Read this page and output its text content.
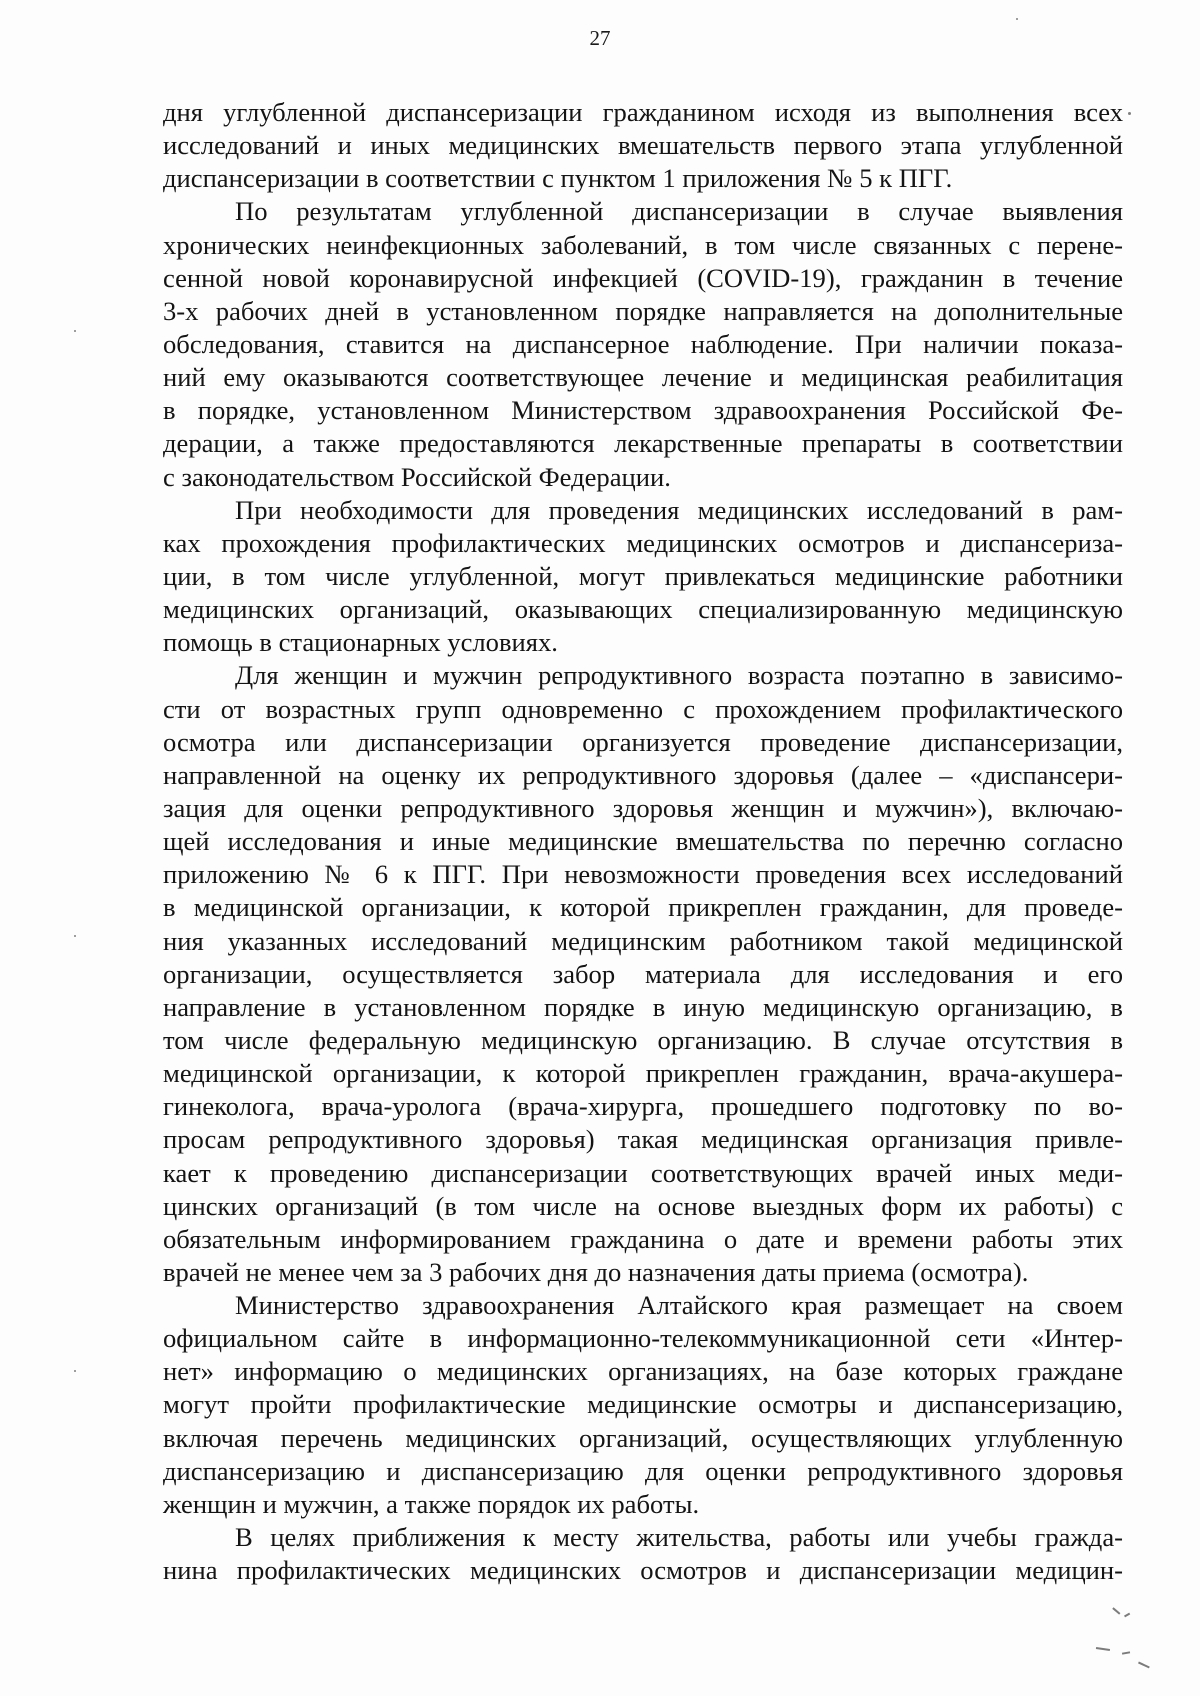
27

дня углубленной диспансеризации гражданином исходя из выполнения всех
исследований и иных медицинских вмешательств первого этапа углубленной
диспансеризации в соответствии с пунктом 1 приложения № 5 к ПГГ.
По результатам углубленной диспансеризации в случае выявления
хронических неинфекционных заболеваний, в том числе связанных с перене-
сенной новой коронавирусной инфекцией (COVID-19), гражданин в течение
3-х рабочих дней в установленном порядке направляется на дополнительные
обследования, ставится на диспансерное наблюдение. При наличии показа-
ний ему оказываются соответствующее лечение и медицинская реабилитация
в порядке, установленном Министерством здравоохранения Российской Фе-
дерации, а также предоставляются лекарственные препараты в соответствии
с законодательством Российской Федерации.
При необходимости для проведения медицинских исследований в рам-
ках прохождения профилактических медицинских осмотров и диспансериза-
ции, в том числе углубленной, могут привлекаться медицинские работники
медицинских организаций, оказывающих специализированную медицинскую
помощь в стационарных условиях.
Для женщин и мужчин репродуктивного возраста поэтапно в зависимо-
сти от возрастных групп одновременно с прохождением профилактического
осмотра или диспансеризации организуется проведение диспансеризации,
направленной на оценку их репродуктивного здоровья (далее – «диспансери-
зация для оценки репродуктивного здоровья женщин и мужчин»), включаю-
щей исследования и иные медицинские вмешательства по перечню согласно
приложению № 6 к ПГГ. При невозможности проведения всех исследований
в медицинской организации, к которой прикреплен гражданин, для проведе-
ния указанных исследований медицинским работником такой медицинской
организации, осуществляется забор материала для исследования и его
направление в установленном порядке в иную медицинскую организацию, в
том числе федеральную медицинскую организацию. В случае отсутствия в
медицинской организации, к которой прикреплен гражданин, врача-акушера-
гинеколога, врача-уролога (врача-хирурга, прошедшего подготовку по во-
просам репродуктивного здоровья) такая медицинская организация привле-
кает к проведению диспансеризации соответствующих врачей иных меди-
цинских организаций (в том числе на основе выездных форм их работы) с
обязательным информированием гражданина о дате и времени работы этих
врачей не менее чем за 3 рабочих дня до назначения даты приема (осмотра).
Министерство здравоохранения Алтайского края размещает на своем
официальном сайте в информационно-телекоммуникационной сети «Интер-
нет» информацию о медицинских организациях, на базе которых граждане
могут пройти профилактические медицинские осмотры и диспансеризацию,
включая перечень медицинских организаций, осуществляющих углубленную
диспансеризацию и диспансеризацию для оценки репродуктивного здоровья
женщин и мужчин, а также порядок их работы.
В целях приближения к месту жительства, работы или учебы гражда-
нина профилактических медицинских осмотров и диспансеризации медицин-
